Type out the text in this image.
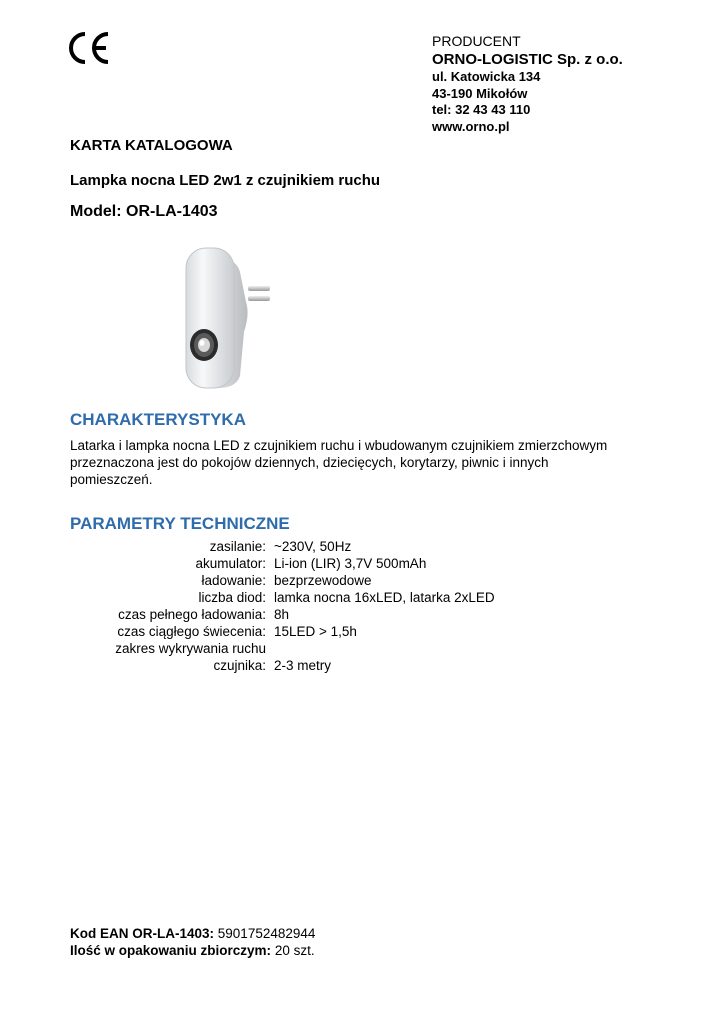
PRODUCENT
ORNO-LOGISTIC Sp. z o.o.
ul. Katowicka 134
43-190 Mikołów
tel: 32 43 43 110
www.orno.pl
KARTA KATALOGOWA
Lampka nocna LED 2w1 z czujnikiem ruchu
Model: OR-LA-1403
CHARAKTERYSTYKA
Latarka i lampka nocna LED z czujnikiem ruchu i wbudowanym czujnikiem zmierzchowym
przeznaczona jest do pokojów dziennych, dziecięcych, korytarzy, piwnic i innych
pomieszczeń.
PARAMETRY TECHNICZNE
zasilanie:	~230V, 50Hz
akumulator:	Li-ion (LIR) 3,7V 500mAh
ładowanie:	bezprzewodowe
liczba diod:	lamka nocna 16xLED, latarka 2xLED
czas pełnego ładowania:	8h
czas ciągłego świecenia:	15LED > 1,5h
zakres wykrywania ruchu	
czujnika:	2-3 metry
Kod EAN OR-LA-1403: 5901752482944
Ilość w opakowaniu zbiorczym: 20 szt.
